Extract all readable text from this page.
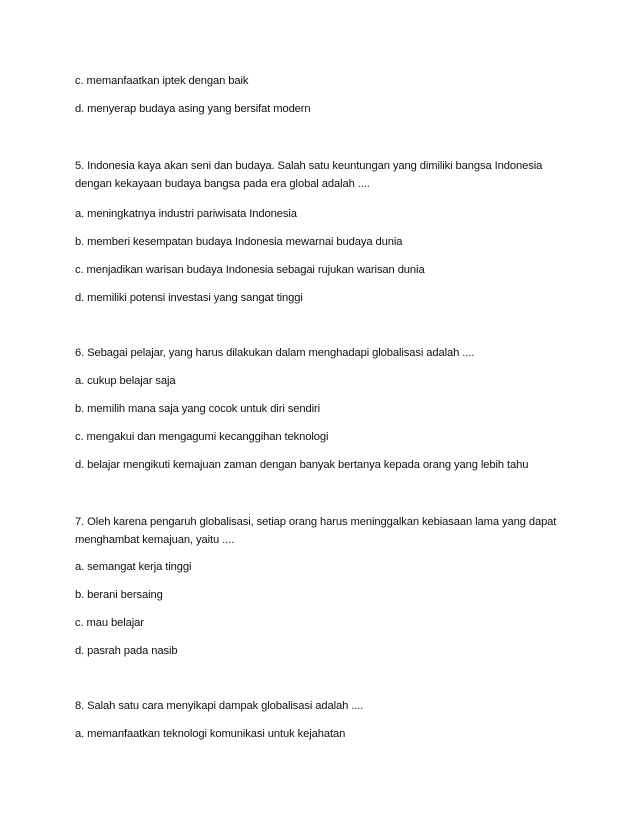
c. memanfaatkan iptek dengan baik
d. menyerap budaya asing yang bersifat modern
5. Indonesia kaya akan seni dan budaya. Salah satu keuntungan yang dimiliki bangsa Indonesia dengan kekayaan budaya bangsa pada era global adalah ....
a. meningkatnya industri pariwisata Indonesia
b. memberi kesempatan budaya Indonesia mewarnai budaya dunia
c. menjadikan warisan budaya Indonesia sebagai rujukan warisan dunia
d. memiliki potensi investasi yang sangat tinggi
6. Sebagai pelajar, yang harus dilakukan dalam menghadapi globalisasi adalah ....
a. cukup belajar saja
b. memilih mana saja yang cocok untuk diri sendiri
c. mengakui dan mengagumi kecanggihan teknologi
d. belajar mengikuti kemajuan zaman dengan banyak bertanya kepada orang yang lebih tahu
7. Oleh karena pengaruh globalisasi, setiap orang harus meninggalkan kebiasaan lama yang dapat menghambat kemajuan, yaitu ....
a. semangat kerja tinggi
b. berani bersaing
c. mau belajar
d. pasrah pada nasib
8. Salah satu cara menyikapi dampak globalisasi adalah ....
a. memanfaatkan teknologi komunikasi untuk kejahatan
